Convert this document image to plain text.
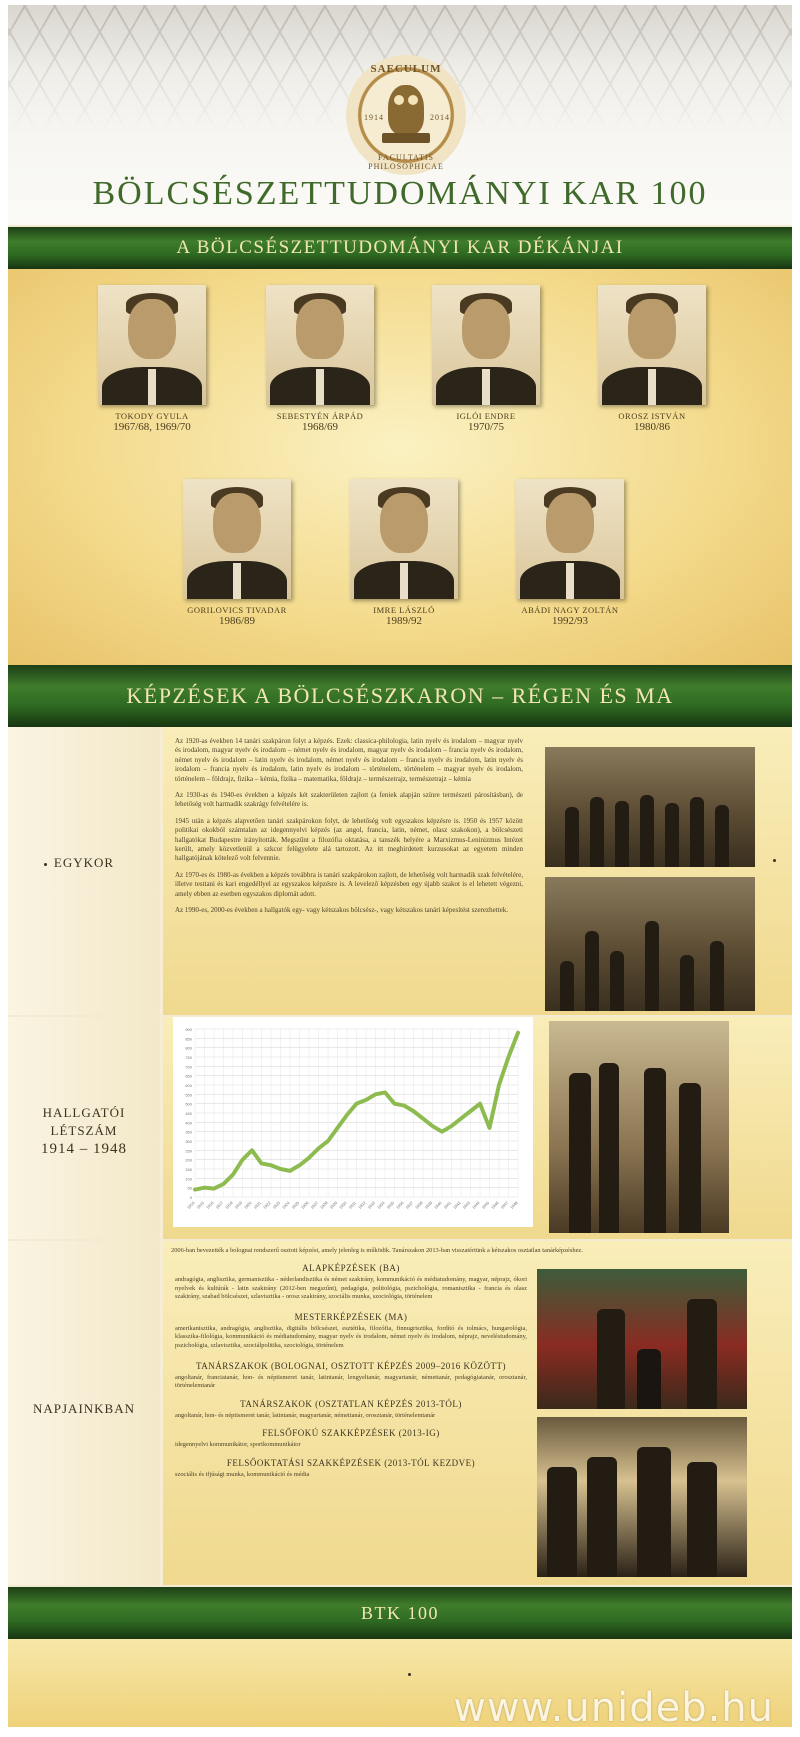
SAECULUM
1914	2014
FACULTATIS PHILOSOPHICAE
BÖLCSÉSZETTUDOMÁNYI KAR 100
A BÖLCSÉSZETTUDOMÁNYI KAR DÉKÁNJAI
TOKODY GYULA
1967/68, 1969/70
SEBESTYÉN ÁRPÁD
1968/69
IGLÓI ENDRE
1970/75
OROSZ ISTVÁN
1980/86
GORILOVICS TIVADAR
1986/89
IMRE LÁSZLÓ
1989/92
ABÁDI NAGY ZOLTÁN
1992/93
KÉPZÉSEK A BÖLCSÉSZKARON – RÉGEN ÉS MA
EGYKOR

Az 1920-as években 14 tanári szakpáron folyt a képzés. Ezek: classica-philologia, latin nyelv és irodalom – magyar nyelv és irodalom, magyar nyelv és irodalom – német nyelv és irodalom, magyar nyelv és irodalom – francia nyelv és irodalom, német nyelv és irodalom – latin nyelv és irodalom, német nyelv és irodalom – francia nyelv és irodalom, latin nyelv és irodalom – francia nyelv és irodalom, latin nyelv és irodalom – történelem, történelem – magyar nyelv és irodalom, történelem – földrajz, fizika – kémia, fizika – matematika, földrajz – természetrajz, természetrajz – kémia

Az 1930-as és 1940-es években a képzés két szakterületen zajlott (a feniek alapján színre természeti párosításban), de lehetőség volt harmadik szakrágy felvételére is.

1945 után a képzés alapvetően tanári szakpárokon folyt, de lehetőség volt egyszakos képzésre is. 1950 és 1957 között politikai okokból számtalan az idegennyelvi képzés (az angol, francia, latin, német, olasz szakokon), a bölcsészeti hallgatókat Budapestre irányították. Megszűnt a filozófia oktatása, a tanszék helyére a Marxizmus-Leninizmus Intézet került, amely közvetlenül a szkcor felügyelete alá tartozott. Az itt meghirdetett kurzusokat az egyetem minden hallgatójának kötelező volt felvennie.

Az 1970-es és 1980-as években a képzés továbbra is tanári szakpárokon zajlott, de lehetőség volt harmadik szak felvételére, illetve testtani és kari engedéllyel az egyszakos képzésre is. A levelező képzésben egy újabb szakot is el lehetett végezni, amely ebben az esetben egyszakos diplomát adott.

Az 1990-es, 2000-es években a hallgatók egy- vagy kétszakos bölcsész-, vagy kétszakos tanári képesítést szerezhettek.

HALLGATÓI
LÉTSZÁM
1914 – 1948
1914 1915 1916 1917 1918 1919 1920 1921 1922 1923 1924 1925 1926 1927 1928 1929 1930 1931 1932 1933 1934 1935 1936 1937 1938 1939 1940 1941 1942 1943 1944 1945 1946 1947 1948
0
50
100
150
200
250
300
350
400
450
500
550
600
650
700
750
800
850
900
NAPJAINKBAN
2006-ban bevezették a bolognai rendszerű osztott képzést, amely jelenleg is működik. Tanárszakon 2013-ban visszatértünk a kétszakos osztatlan tanárképzéshez.
ALAPKÉPZÉSEK (BA)
andragógia, anglisztika, germanisztika - néderlandisztika és német szakirány, kommunikáció és médiatudomány, magyar, néprajz, ókori nyelvek és kultúrák - latin szakirány (2012-ben megszűnt), pedagógia, politológia, pszichológia, romanisztika - francia és olasz szakirány, szabad bölcsészet, szlavisztika - orosz szakirány, szociális munka, szociológia, történelem
MESTERKÉPZÉSEK (MA)
amerikanisztika, andragógia, anglisztika, digitális bölcsészet, esztétika, filozófia, finnugrisztika, fordító és tolmács, hungarológia, klasszika-filológia, kommunikáció és médiatudomány, magyar nyelv és irodalom, német nyelv és irodalom, néprajz, neveléstudomány, pszichológia, szlavisztika, szociálpolitika, szociológia, történelem
TANÁRSZAKOK (BOLOGNAI, OSZTOTT KÉPZÉS 2009–2016 KÖZÖTT)
angoltanár, franciatanár, hon- és néptismeret tanár, latintanár, lengyeltanár, magyartanár, némettanár, pedagógiatanár, orosztanár, történelemtanár
TANÁRSZAKOK (OSZTATLAN KÉPZÉS 2013-TÓL)
angoltanár, hon- és néptismeret tanár, latintanár, magyartanár, némettanár, orosztanár, történelemtanár
FELSŐFOKÚ SZAKKÉPZÉSEK (2013-IG)
idegennyelvi kommunikátor, sportkommunikátor
FELSŐOKTATÁSI SZAKKÉPZÉSEK (2013-TÓL KEZDVE)
szociális és ifjúsági munka, kommunikáció és média
BTK 100
www.unideb.hu
